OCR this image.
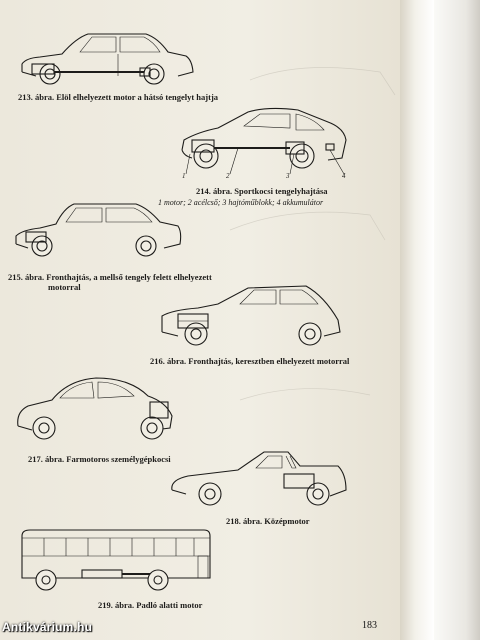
213. ábra. Elöl elhelyezett motor a hátsó tengelyt hajtja
1	2	3	4
214. ábra. Sportkocsi tengelyhajtása
1 motor; 2 acélcső; 3 hajtóműblokk; 4 akkumulátor
215. ábra. Fronthajtás, a mellső tengely felett elhelyezett
motorral
216. ábra. Fronthajtás, keresztben elhelyezett motorral
217. ábra. Farmotoros személygépkocsi
218. ábra. Középmotor
219. ábra. Padló alatti motor
183
Antikvárium.hu
